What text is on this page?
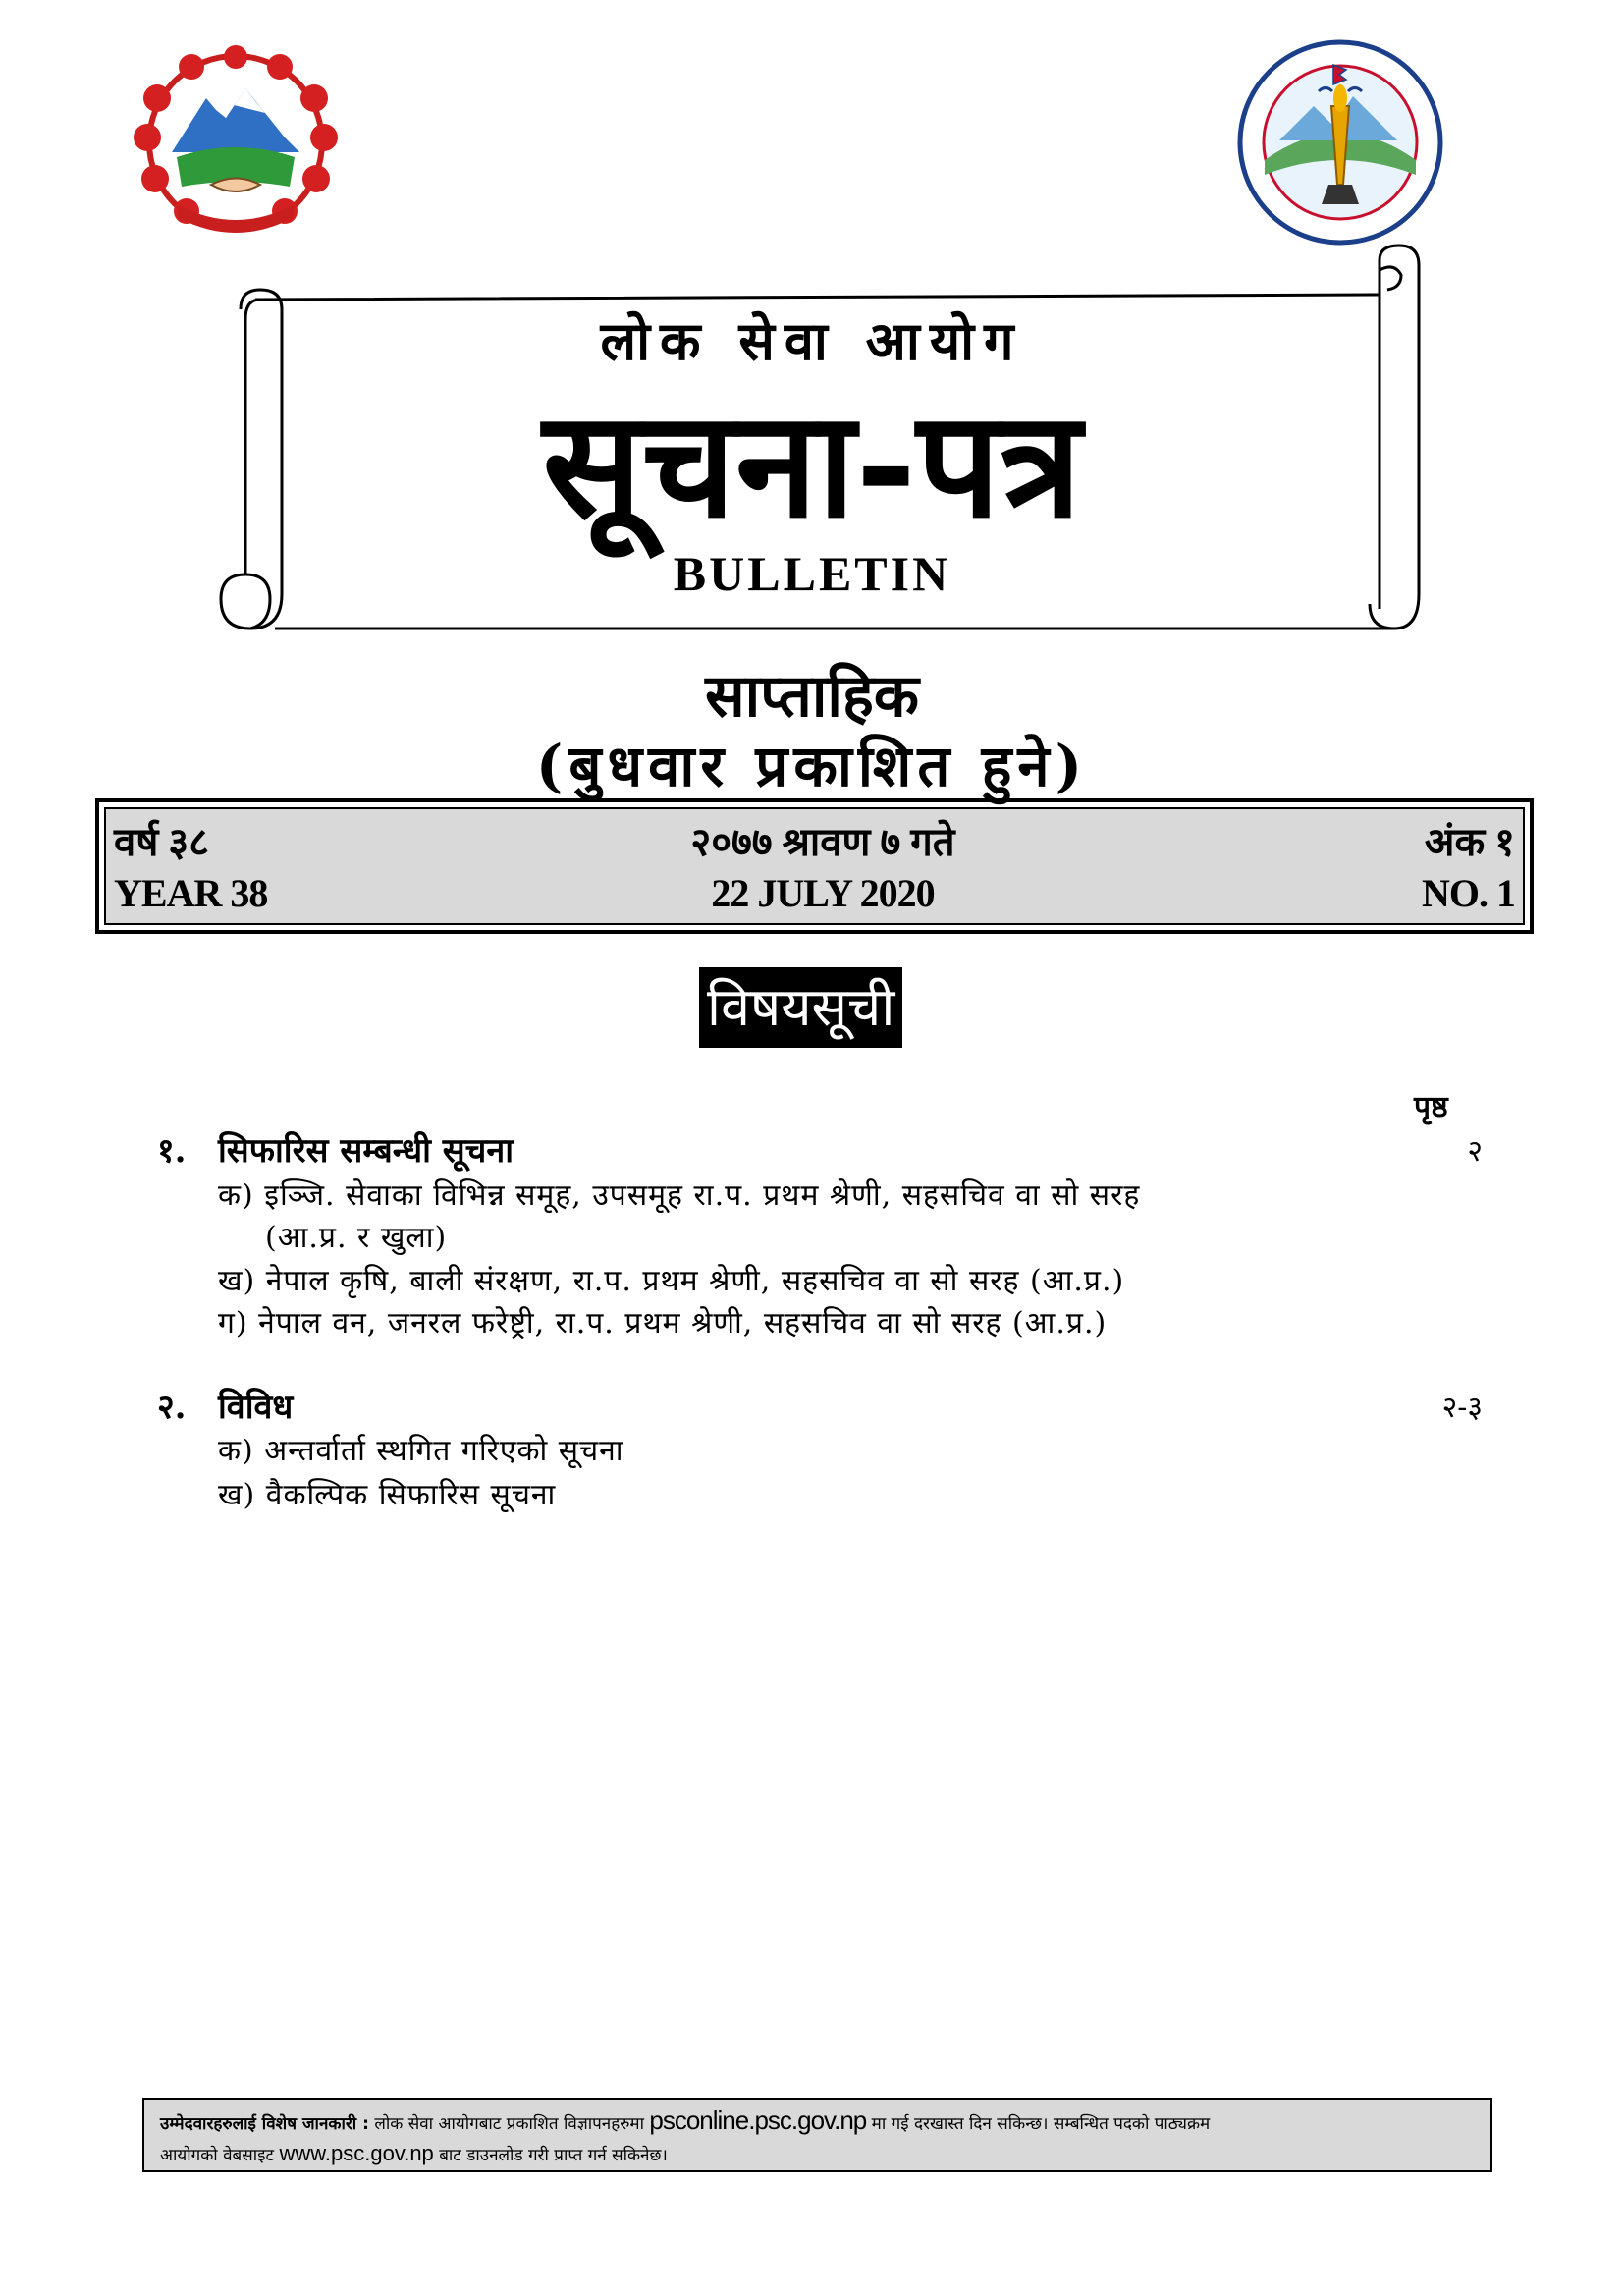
लोक सेवा आयोग
सूचना-पत्र
BULLETIN
साप्ताहिक
(बुधवार प्रकाशित हुने)
वर्ष ३८
YEAR 38
२०७७ श्रावण ७ गते
22 JULY 2020
अंक १
NO. 1
विषयसूची
पृष्ठ
१. सिफारिस सम्बन्धी सूचना	२
क) इञ्जि. सेवाका विभिन्न समूह, उपसमूह रा.प. प्रथम श्रेणी, सहसचिव वा सो सरह
(आ.प्र. र खुला)
ख) नेपाल कृषि, बाली संरक्षण, रा.प. प्रथम श्रेणी, सहसचिव वा सो सरह (आ.प्र.)
ग) नेपाल वन, जनरल फरेष्ट्री, रा.प. प्रथम श्रेणी, सहसचिव वा सो सरह (आ.प्र.)
२. विविध	२-३
क) अन्तर्वार्ता स्थगित गरिएको सूचना
ख) वैकल्पिक सिफारिस सूचना
उम्मेदवारहरुलाई विशेष जानकारी : लोक सेवा आयोगबाट प्रकाशित विज्ञापनहरुमा psconline.psc.gov.np मा गई दरखास्त दिन सकिन्छ। सम्बन्धित पदको पाठ्यक्रम
आयोगको वेबसाइट www.psc.gov.np बाट डाउनलोड गरी प्राप्त गर्न सकिनेछ।
